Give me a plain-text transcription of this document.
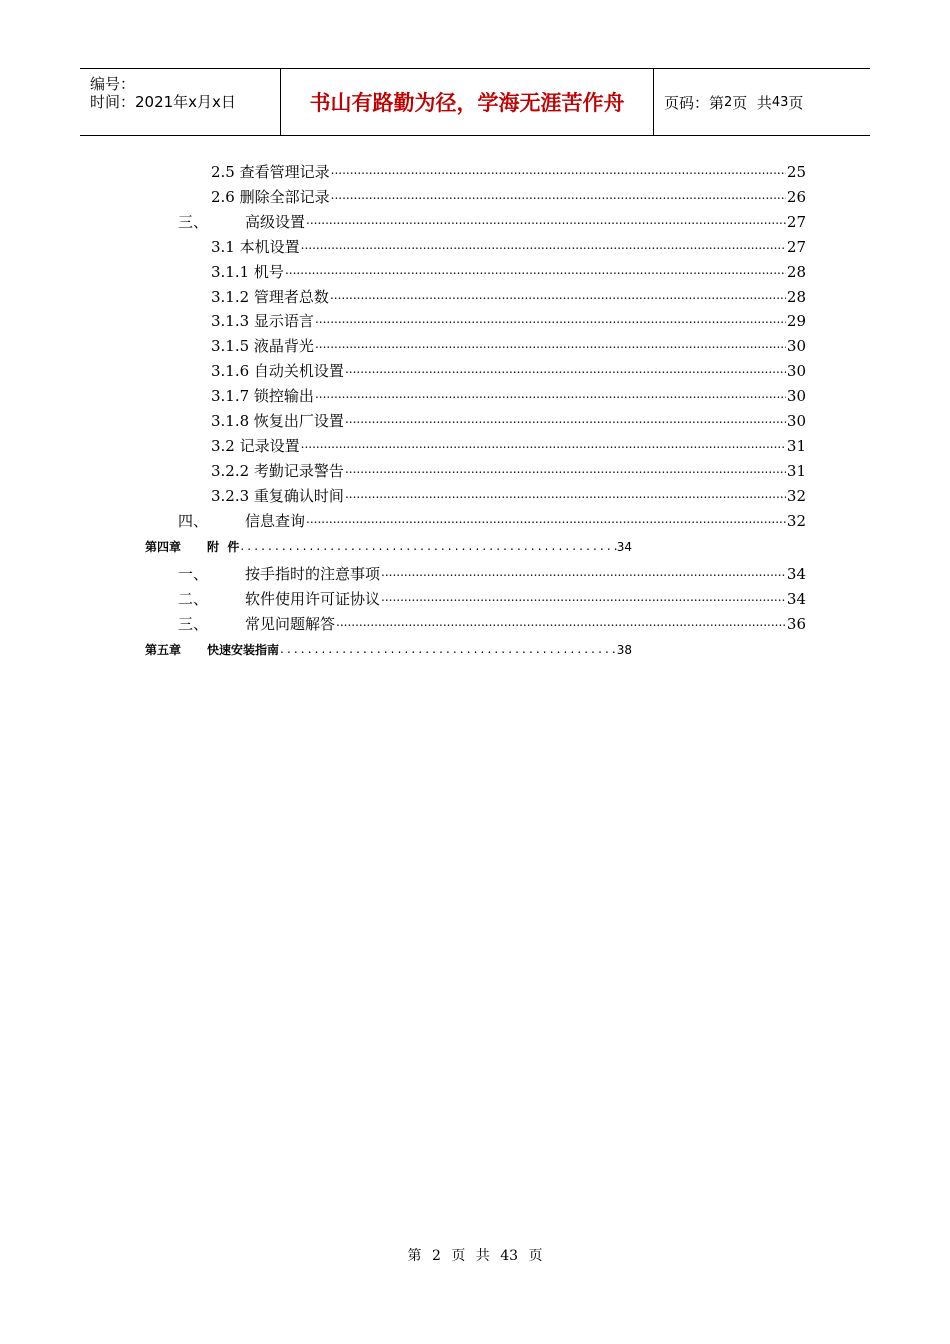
编号：
时间：2021年x月x日	书山有路勤为径，学海无涯苦作舟	页码：第 2 页  共 43 页
2.5 查看管理记录 .....	25
2.6 删除全部记录 .....	26
三、	高级设置 .....	27
3.1 本机设置 .....	27
3.1.1 机号 .....	28
3.1.2 管理者总数 .....	28
3.1.3 显示语言 .....	29
3.1.5 液晶背光 .....	30
3.1.6 自动关机设置 .....	30
3.1.7 锁控输出 .....	30
3.1.8 恢复出厂设置 .....	30
3.2 记录设置 .....	31
3.2.2 考勤记录警告 .....	31
3.2.3 重复确认时间 .....	32
四、	信息查询 .....	32
第四章 附  件 .....	34
一、	按手指时的注意事项 .....	34
二、	软件使用许可证协议 .....	34
三、	常见问题解答 .....	36
第五章 快速安装指南 .....	38
第 2 页 共 43 页
